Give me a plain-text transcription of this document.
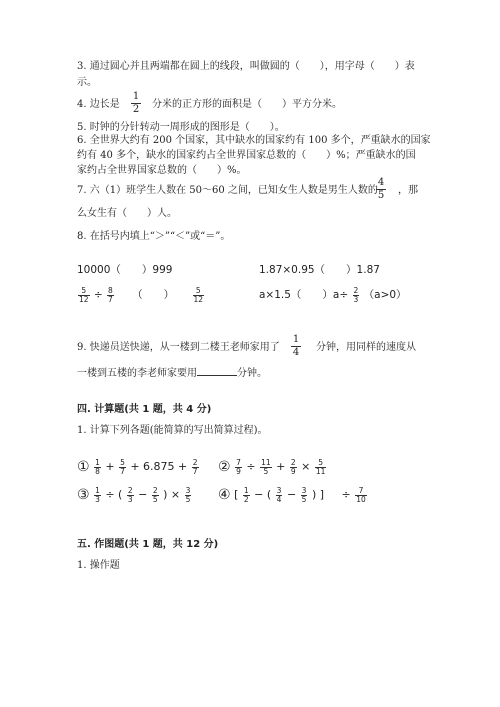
3. 通过圆心并且两端都在圆上的线段，叫做圆的（　　），用字母（　　）表
示。
4. 边长是
1
2 分米的正方形的面积是（　　）平方分米。
5. 时钟的分针转动一周形成的图形是（　　）。
6. 全世界大约有 200 个国家，其中缺水的国家约有 100 多个，严重缺水的国家
约有 40 多个，缺水的国家约占全世界国家总数的（　　）%；严重缺水的国
家约占全世界国家总数的（　　）%。
7. 六（1）班学生人数在 50～60 之间，已知女生人数是男生人数的
4
5 ，那
么女生有（　　）人。
8. 在括号内填上“＞”“＜”或“＝”。
10000（　　）999	1.87×0.95（　　）1.87
$\frac{5}{12} \div \frac{8}{7}$ （　　） $\frac{5}{12}$	a×1.5（　　）$a\div \frac{2}{3} (a>0)$
9. 快递员送快递，从一楼到二楼王老师家用了
1
4 分钟，用同样的速度从
一楼到五楼的李老师家要用	分钟。
四. 计算题(共 1 题，共 4 分)
1. 计算下列各题(能简算的写出简算过程)。
① $\frac{1}{8} + \frac{5}{7} + 6.875 + \frac{2}{7}$ ② $\frac{7}{9} \div \frac{11}{5} + \frac{2}{9} \times \frac{5}{11}$
③ $\frac{1}{3}$ ÷ ( $\frac{2}{3} - \frac{2}{5}$ ) × $\frac{3}{5}$ ④ [ $\frac{1}{2}$ − ( $\frac{3}{4} - \frac{3}{5}$ ) ] ÷ $\frac{7}{10}$
五. 作图题(共 1 题，共 12 分)
1. 操作题
